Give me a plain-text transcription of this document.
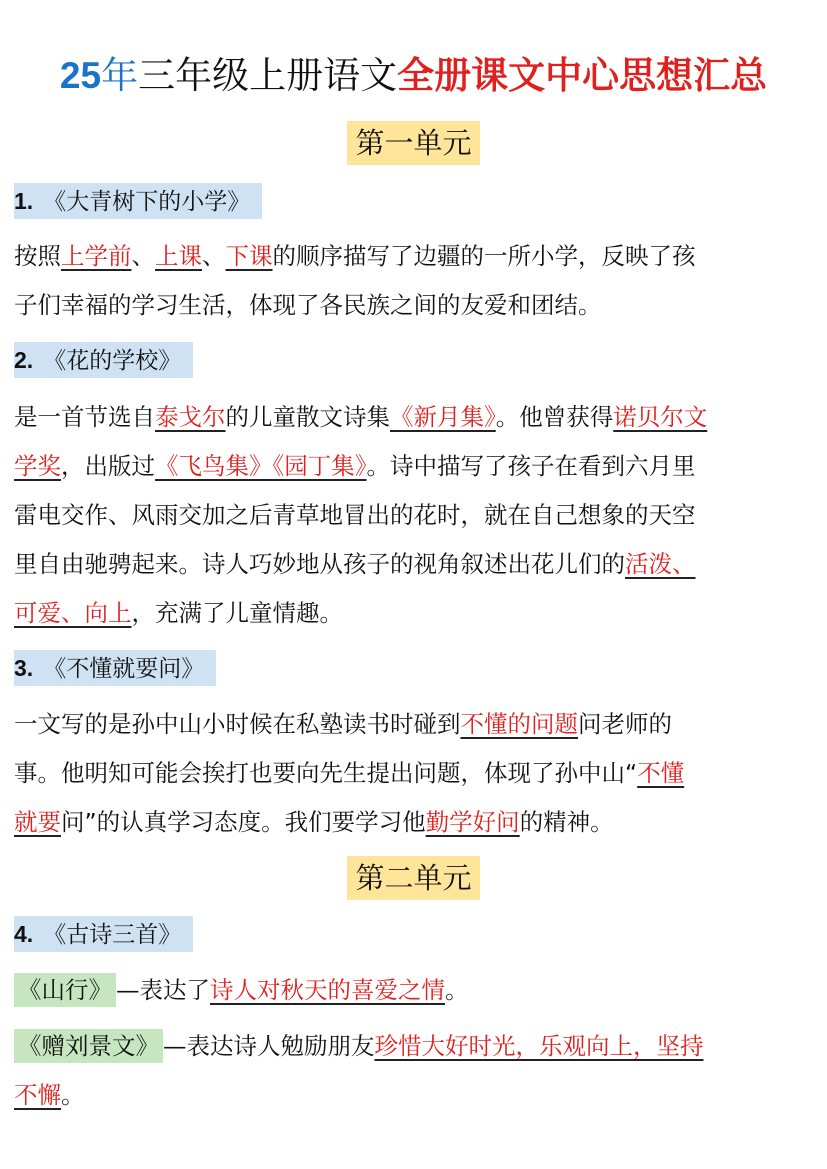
25年三年级上册语文全册课文中心思想汇总
第一单元
1. 《大青树下的小学》
按照上学前、上课、下课的顺序描写了边疆的一所小学，反映了孩
子们幸福的学习生活，体现了各民族之间的友爱和团结。
2. 《花的学校》
是一首节选自泰戈尔的儿童散文诗集《新月集》。他曾获得诺贝尔文
学奖，出版过《飞鸟集》《园丁集》。诗中描写了孩子在看到六月里
雷电交作、风雨交加之后青草地冒出的花时，就在自己想象的天空
里自由驰骋起来。诗人巧妙地从孩子的视角叙述出花儿们的活泼、
可爱、向上，充满了儿童情趣。
3. 《不懂就要问》
一文写的是孙中山小时候在私塾读书时碰到不懂的问题问老师的
事。他明知可能会挨打也要向先生提出问题，体现了孙中山“不懂
就要问”的认真学习态度。我们要学习他勤学好问的精神。
第二单元
4. 《古诗三首》
《山行》 —表达了诗人对秋天的喜爱之情。
《赠刘景文》 —表达诗人勉励朋友珍惜大好时光，乐观向上，坚持
不懈。
